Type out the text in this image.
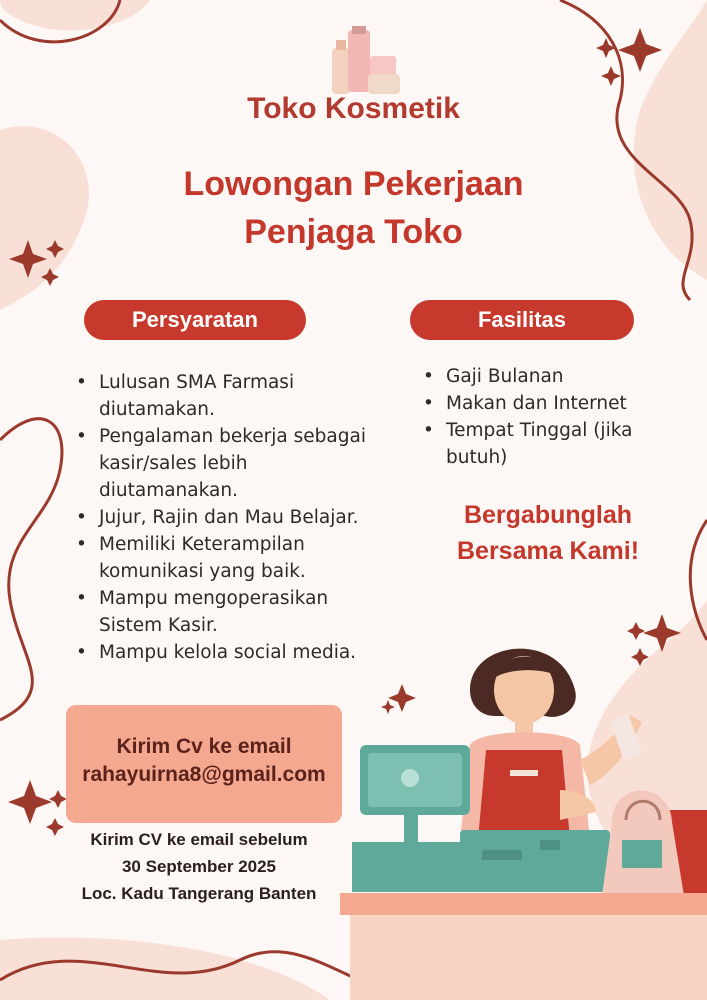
Toko Kosmetik
Lowongan Pekerjaan
Penjaga Toko
Persyaratan	Fasilitas
• Lulusan SMA Farmasi
diutamakan.
• Pengalaman bekerja sebagai
kasir/sales lebih
diutamanakan.
• Jujur, Rajin dan Mau Belajar.
• Memiliki Keterampilan
komunikasi yang baik.
• Mampu mengoperasikan
Sistem Kasir.
• Mampu kelola social media.
• Gaji Bulanan
• Makan dan Internet
• Tempat Tinggal (jika
butuh)
Bergabunglah
Bersama Kami!
Kirim Cv ke email
rahayuirna8@gmail.com
Kirim CV ke email sebelum
30 September 2025
Loc. Kadu Tangerang Banten
